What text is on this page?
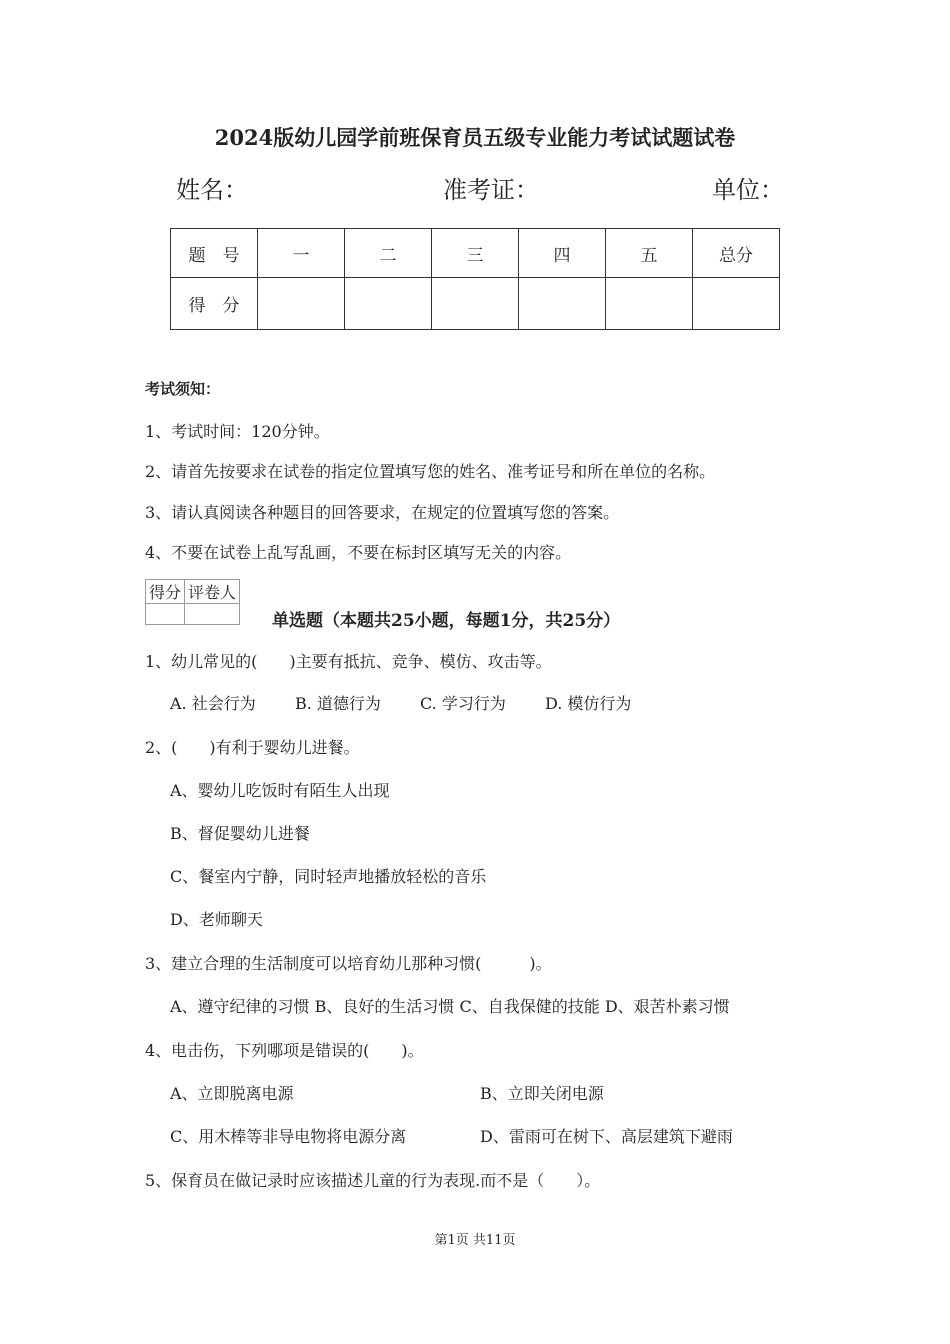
2024版幼儿园学前班保育员五级专业能力考试试题试卷
姓名：	准考证：	单位：
题　号	一	二	三	四	五	总分
得　分						
考试须知：
1、考试时间：120分钟。
2、请首先按要求在试卷的指定位置填写您的姓名、准考证号和所在单位的名称。
3、请认真阅读各种题目的回答要求，在规定的位置填写您的答案。
4、不要在试卷上乱写乱画，不要在标封区填写无关的内容。
得分	评卷人

单选题（本题共25小题，每题1分，共25分）
1、幼儿常见的(　　)主要有抵抗、竞争、模仿、攻击等。
A. 社会行为 B. 道德行为 C. 学习行为 D. 模仿行为
2、(　　)有利于婴幼儿进餐。
A、婴幼儿吃饭时有陌生人出现
B、督促婴幼儿进餐
C、餐室内宁静，同时轻声地播放轻松的音乐
D、老师聊天
3、建立合理的生活制度可以培育幼儿那种习惯(　　　)。
A、遵守纪律的习惯 B、良好的生活习惯 C、自我保健的技能 D、艰苦朴素习惯
4、电击伤，下列哪项是错误的(　　)。
A、立即脱离电源	B、立即关闭电源
C、用木棒等非导电物将电源分离	D、雷雨可在树下、高层建筑下避雨
5、保育员在做记录时应该描述儿童的行为表现.而不是（　　）。
第1页 共11页
